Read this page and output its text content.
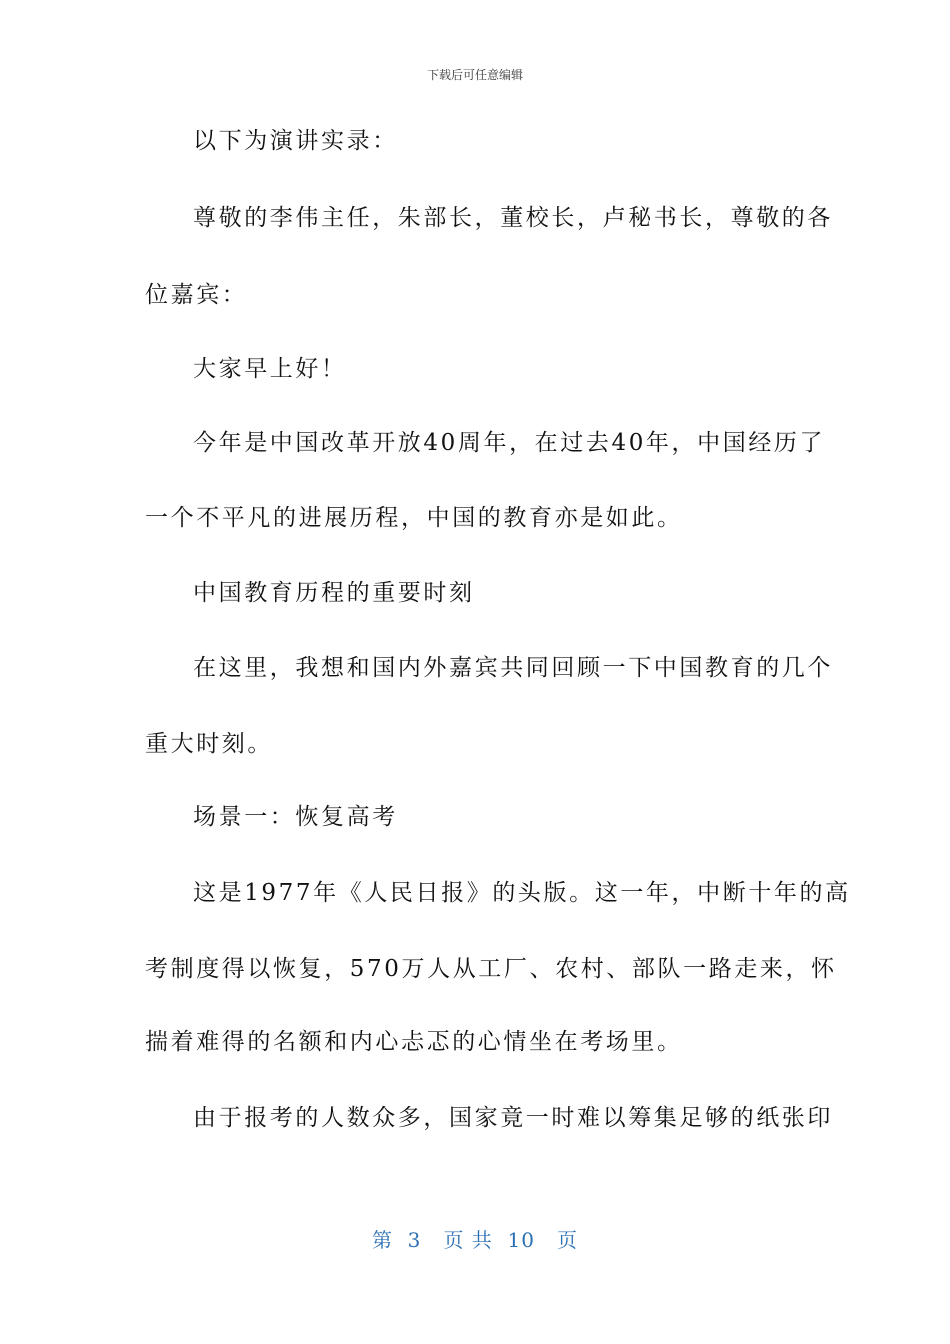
下载后可任意编辑
以下为演讲实录：
尊敬的李伟主任，朱部长，董校长，卢秘书长，尊敬的各
位嘉宾：
大家早上好！
今年是中国改革开放40周年，在过去40年，中国经历了
一个不平凡的进展历程，中国的教育亦是如此。
中国教育历程的重要时刻
在这里，我想和国内外嘉宾共同回顾一下中国教育的几个
重大时刻。
场景一：恢复高考
这是1977年《人民日报》的头版。这一年，中断十年的高
考制度得以恢复，570万人从工厂、农村、部队一路走来，怀
揣着难得的名额和内心忐忑的心情坐在考场里。
由于报考的人数众多，国家竟一时难以筹集足够的纸张印
第  3   页 共  10   页
